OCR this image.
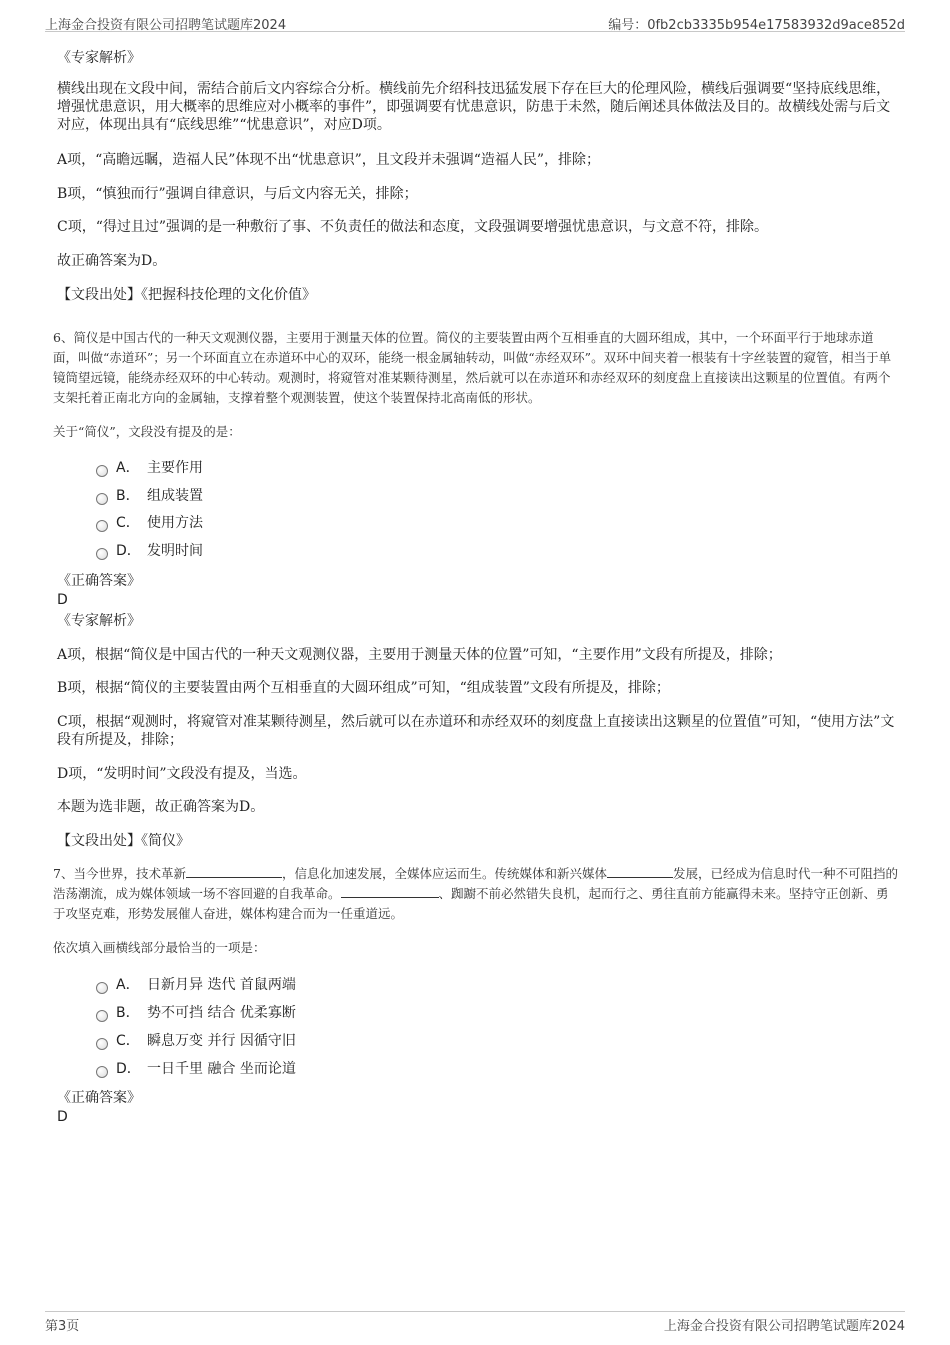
上海金合投资有限公司招聘笔试题库2024	编号：0fb2cb3335b954e17583932d9ace852d
《专家解析》
横线出现在文段中间，需结合前后文内容综合分析。横线前先介绍科技迅猛发展下存在巨大的伦理风险，横线后强调要“坚持底线思维，增强忧患意识，用大概率的思维应对小概率的事件”，即强调要有忧患意识，防患于未然，随后阐述具体做法及目的。故横线处需与后文对应，体现出具有“底线思维”“忧患意识”，对应D项。
A项，“高瞻远瞩，造福人民”体现不出“忧患意识”，且文段并未强调“造福人民”，排除；
B项，“慎独而行”强调自律意识，与后文内容无关，排除；
C项，“得过且过”强调的是一种敷衍了事、不负责任的做法和态度，文段强调要增强忧患意识，与文意不符，排除。
故正确答案为D。
【文段出处】《把握科技伦理的文化价值》
6、简仪是中国古代的一种天文观测仪器，主要用于测量天体的位置。简仪的主要装置由两个互相垂直的大圆环组成，其中，一个环面平行于地球赤道面，叫做“赤道环”；另一个环面直立在赤道环中心的双环，能绕一根金属轴转动，叫做“赤经双环”。双环中间夹着一根装有十字丝装置的窥管，相当于单镜筒望远镜，能绕赤经双环的中心转动。观测时，将窥管对准某颗待测星，然后就可以在赤道环和赤经双环的刻度盘上直接读出这颗星的位置值。有两个支架托着正南北方向的金属轴，支撑着整个观测装置，使这个装置保持北高南低的形状。
关于“简仪”，文段没有提及的是：
A． 主要作用
B． 组成装置
C． 使用方法
D． 发明时间
《正确答案》
D
《专家解析》
A项，根据“简仪是中国古代的一种天文观测仪器，主要用于测量天体的位置”可知，“主要作用”文段有所提及，排除；
B项，根据“简仪的主要装置由两个互相垂直的大圆环组成”可知，“组成装置”文段有所提及，排除；
C项，根据“观测时，将窥管对准某颗待测星，然后就可以在赤道环和赤经双环的刻度盘上直接读出这颗星的位置值”可知，“使用方法”文段有所提及，排除；
D项，“发明时间”文段没有提及，当选。
本题为选非题，故正确答案为D。
【文段出处】《简仪》
7、当今世界，技术革新	，信息化加速发展，全媒体应运而生。传统媒体和新兴媒体	发展，已经成为信息时代一种不可阻挡的浩荡潮流，成为媒体领域一场不容回避的自我革命。	、踟躕不前必然错失良机，起而行之、勇往直前方能赢得未来。坚持守正创新、勇于攻坚克难，形势发展催人奋进，媒体构建合而为一任重道远。
依次填入画横线部分最恰当的一项是：
A． 日新月异 迭代 首鼠两端
B． 势不可挡 结合 优柔寡断
C． 瞬息万变 并行 因循守旧
D． 一日千里 融合 坐而论道
《正确答案》
D
第3页	上海金合投资有限公司招聘笔试题库2024
